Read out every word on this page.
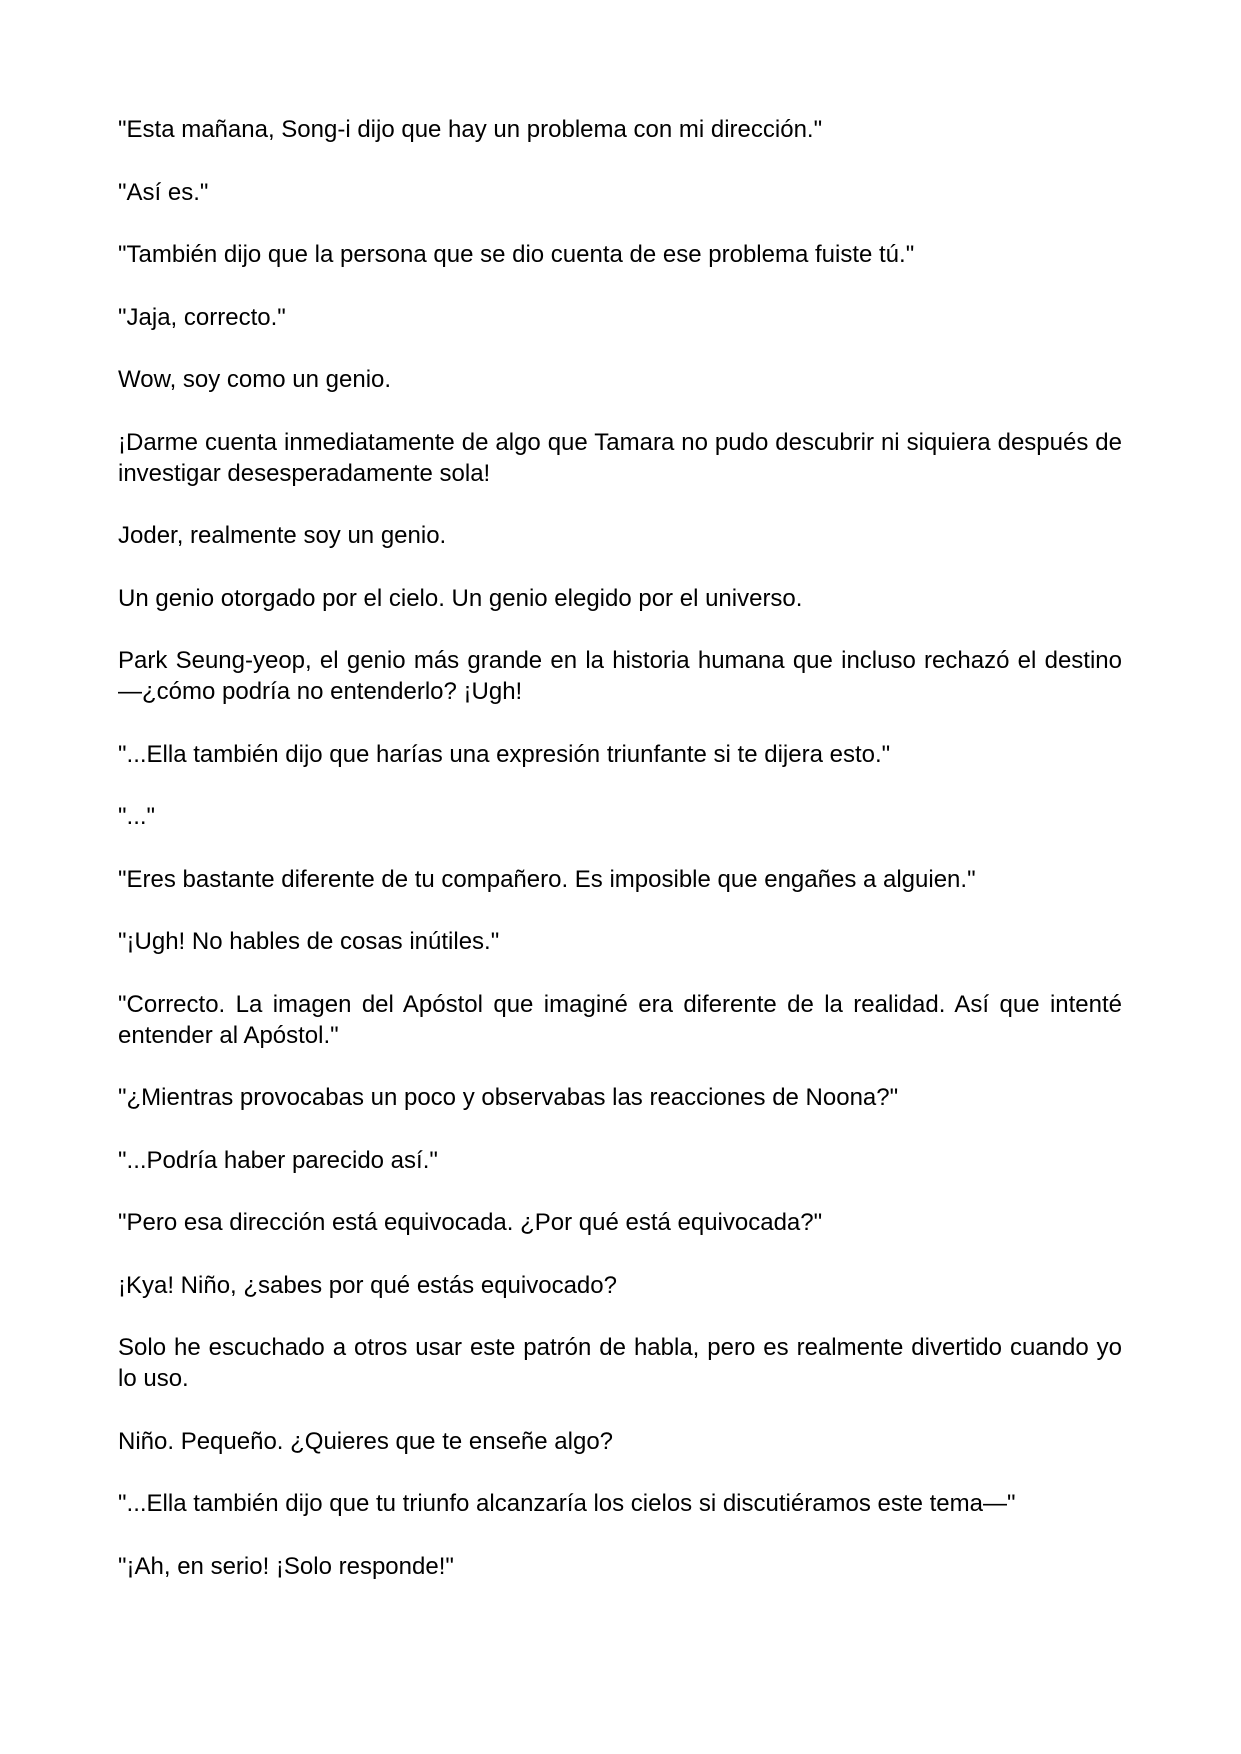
"Esta mañana, Song-i dijo que hay un problema con mi dirección."

"Así es."

"También dijo que la persona que se dio cuenta de ese problema fuiste tú."

"Jaja, correcto."

Wow, soy como un genio.

¡Darme cuenta inmediatamente de algo que Tamara no pudo descubrir ni siquiera después de investigar desesperadamente sola!

Joder, realmente soy un genio.

Un genio otorgado por el cielo. Un genio elegido por el universo.

Park Seung-yeop, el genio más grande en la historia humana que incluso rechazó el destino—¿cómo podría no entenderlo? ¡Ugh!

"...Ella también dijo que harías una expresión triunfante si te dijera esto."

"..."

"Eres bastante diferente de tu compañero. Es imposible que engañes a alguien."

"¡Ugh! No hables de cosas inútiles."

"Correcto. La imagen del Apóstol que imaginé era diferente de la realidad. Así que intenté entender al Apóstol."

"¿Mientras provocabas un poco y observabas las reacciones de Noona?"

"...Podría haber parecido así."

"Pero esa dirección está equivocada. ¿Por qué está equivocada?"

¡Kya! Niño, ¿sabes por qué estás equivocado?

Solo he escuchado a otros usar este patrón de habla, pero es realmente divertido cuando yo lo uso.

Niño. Pequeño. ¿Quieres que te enseñe algo?

"...Ella también dijo que tu triunfo alcanzaría los cielos si discutiéramos este tema—"

"¡Ah, en serio! ¡Solo responde!"
